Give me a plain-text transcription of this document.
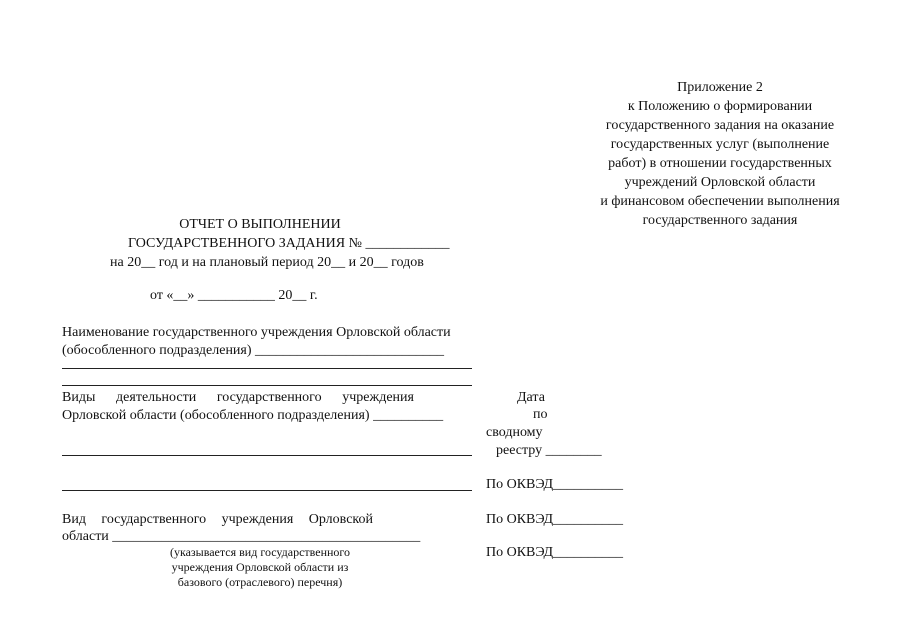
Приложение 2
к Положению о формировании
государственного задания на оказание
государственных услуг (выполнение
работ) в отношении государственных
учреждений Орловской области
и финансовом обеспечении выполнения
государственного задания
ОТЧЕТ О ВЫПОЛНЕНИИ
ГОСУДАРСТВЕННОГО ЗАДАНИЯ № ____________
на 20__ год и на плановый период 20__ и 20__ годов
от «__» ___________ 20__ г.
Наименование государственного учреждения Орловской области
(обособленного подразделения) ___________________________
Виды деятельности государственного учреждения
Орловской области (обособленного подразделения) __________
Вид государственного учреждения Орловской
области ____________________________________________
(указывается вид государственного
учреждения Орловской области из
базового (отраслевого) перечня)
Дата
по
сводному
реестру ________
По ОКВЭД__________
По ОКВЭД__________
По ОКВЭД__________
